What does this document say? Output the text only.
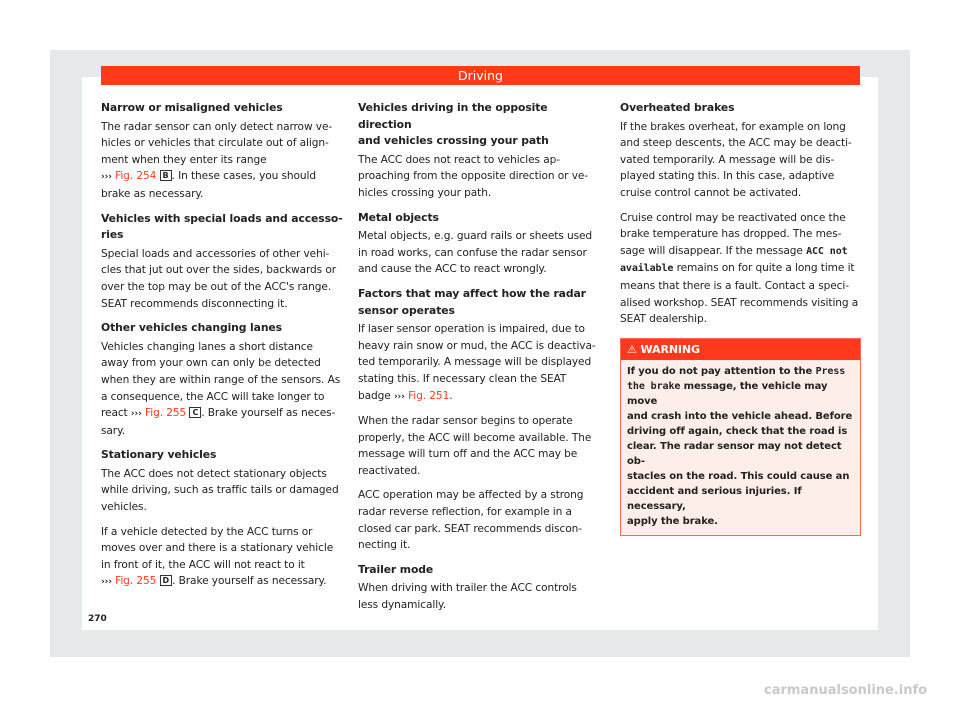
Driving
Narrow or misaligned vehicles

The radar sensor can only detect narrow ve-
hicles or vehicles that circulate out of align-
ment when they enter its range
››› Fig. 254 B . In these cases, you should
brake as necessary.

Vehicles with special loads and accesso-
ries

Special loads and accessories of other vehi-
cles that jut out over the sides, backwards or
over the top may be out of the ACC's range.
SEAT recommends disconnecting it.

Other vehicles changing lanes

Vehicles changing lanes a short distance
away from your own can only be detected
when they are within range of the sensors. As
a consequence, the ACC will take longer to
react ››› Fig. 255 C . Brake yourself as neces-
sary.

Stationary vehicles

The ACC does not detect stationary objects
while driving, such as traffic tails or damaged
vehicles.

If a vehicle detected by the ACC turns or
moves over and there is a stationary vehicle
in front of it, the ACC will not react to it
››› Fig. 255 D . Brake yourself as necessary.

Vehicles driving in the opposite direction
and vehicles crossing your path

The ACC does not react to vehicles ap-
proaching from the opposite direction or ve-
hicles crossing your path.

Metal objects

Metal objects, e.g. guard rails or sheets used
in road works, can confuse the radar sensor
and cause the ACC to react wrongly.

Factors that may affect how the radar
sensor operates

If laser sensor operation is impaired, due to
heavy rain snow or mud, the ACC is deactiva-
ted temporarily. A message will be displayed
stating this. If necessary clean the SEAT
badge ››› Fig. 251.

When the radar sensor begins to operate
properly, the ACC will become available. The
message will turn off and the ACC may be
reactivated.

ACC operation may be affected by a strong
radar reverse reflection, for example in a
closed car park. SEAT recommends discon-
necting it.

Trailer mode

When driving with trailer the ACC controls
less dynamically.

Overheated brakes

If the brakes overheat, for example on long
and steep descents, the ACC may be deacti-
vated temporarily. A message will be dis-
played stating this. In this case, adaptive
cruise control cannot be activated.

Cruise control may be reactivated once the
brake temperature has dropped. The mes-
sage will disappear. If the message ACC not
available remains on for quite a long time it
means that there is a fault. Contact a speci-
alised workshop. SEAT recommends visiting a
SEAT dealership.

⚠ WARNING
If you do not pay attention to the Press
the brake message, the vehicle may move
and crash into the vehicle ahead. Before
driving off again, check that the road is
clear. The radar sensor may not detect ob-
stacles on the road. This could cause an
accident and serious injuries. If necessary,
apply the brake.
270
carmanualsonline.info
